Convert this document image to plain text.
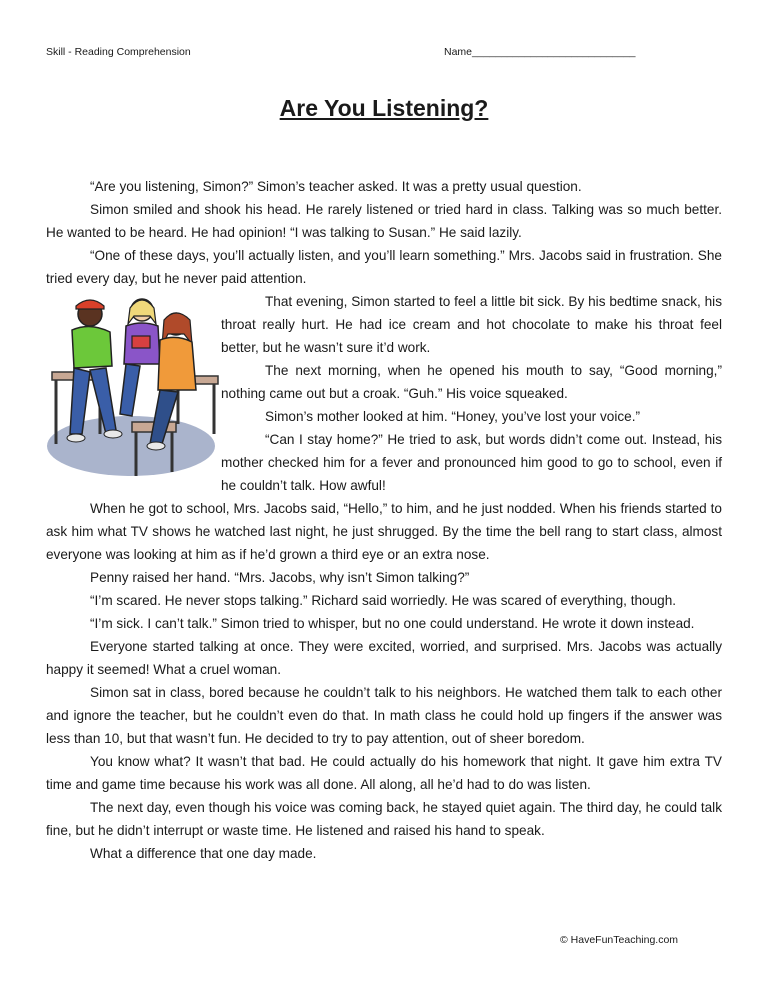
Skill - Reading Comprehension	Name____________________________
Are You Listening?

“Are you listening, Simon?” Simon’s teacher asked. It was a pretty usual question.

Simon smiled and shook his head. He rarely listened or tried hard in class. Talking was so much better. He wanted to be heard. He had opinion! “I was talking to Susan.” He said lazily.

“One of these days, you’ll actually listen, and you’ll learn something.” Mrs. Jacobs said in frustration. She tried every day, but he never paid attention.

That evening, Simon started to feel a little bit sick. By his bedtime snack, his throat really hurt. He had ice cream and hot chocolate to make his throat feel better, but he wasn’t sure it’d work.

The next morning, when he opened his mouth to say, “Good morning,” nothing came out but a croak. “Guh.” His voice squeaked.

Simon’s mother looked at him. “Honey, you’ve lost your voice.”

“Can I stay home?” He tried to ask, but words didn’t come out. Instead, his mother checked him for a fever and pronounced him good to go to school, even if he couldn’t talk. How awful!

When he got to school, Mrs. Jacobs said, “Hello,” to him, and he just nodded. When his friends started to ask him what TV shows he watched last night, he just shrugged. By the time the bell rang to start class, almost everyone was looking at him as if he’d grown a third eye or an extra nose.

Penny raised her hand. “Mrs. Jacobs, why isn’t Simon talking?”

“I’m scared. He never stops talking.” Richard said worriedly. He was scared of everything, though.

“I’m sick. I can’t talk.” Simon tried to whisper, but no one could understand. He wrote it down instead.

Everyone started talking at once. They were excited, worried, and surprised. Mrs. Jacobs was actually happy it seemed! What a cruel woman.

Simon sat in class, bored because he couldn’t talk to his neighbors. He watched them talk to each other and ignore the teacher, but he couldn’t even do that. In math class he could hold up fingers if the answer was less than 10, but that wasn’t fun. He decided to try to pay attention, out of sheer boredom.

You know what? It wasn’t that bad. He could actually do his homework that night. It gave him extra TV time and game time because his work was all done. All along, all he’d had to do was listen.

The next day, even though his voice was coming back, he stayed quiet again. The third day, he could talk fine, but he didn’t interrupt or waste time. He listened and raised his hand to speak.

What a difference that one day made.

© HaveFunTeaching.com
